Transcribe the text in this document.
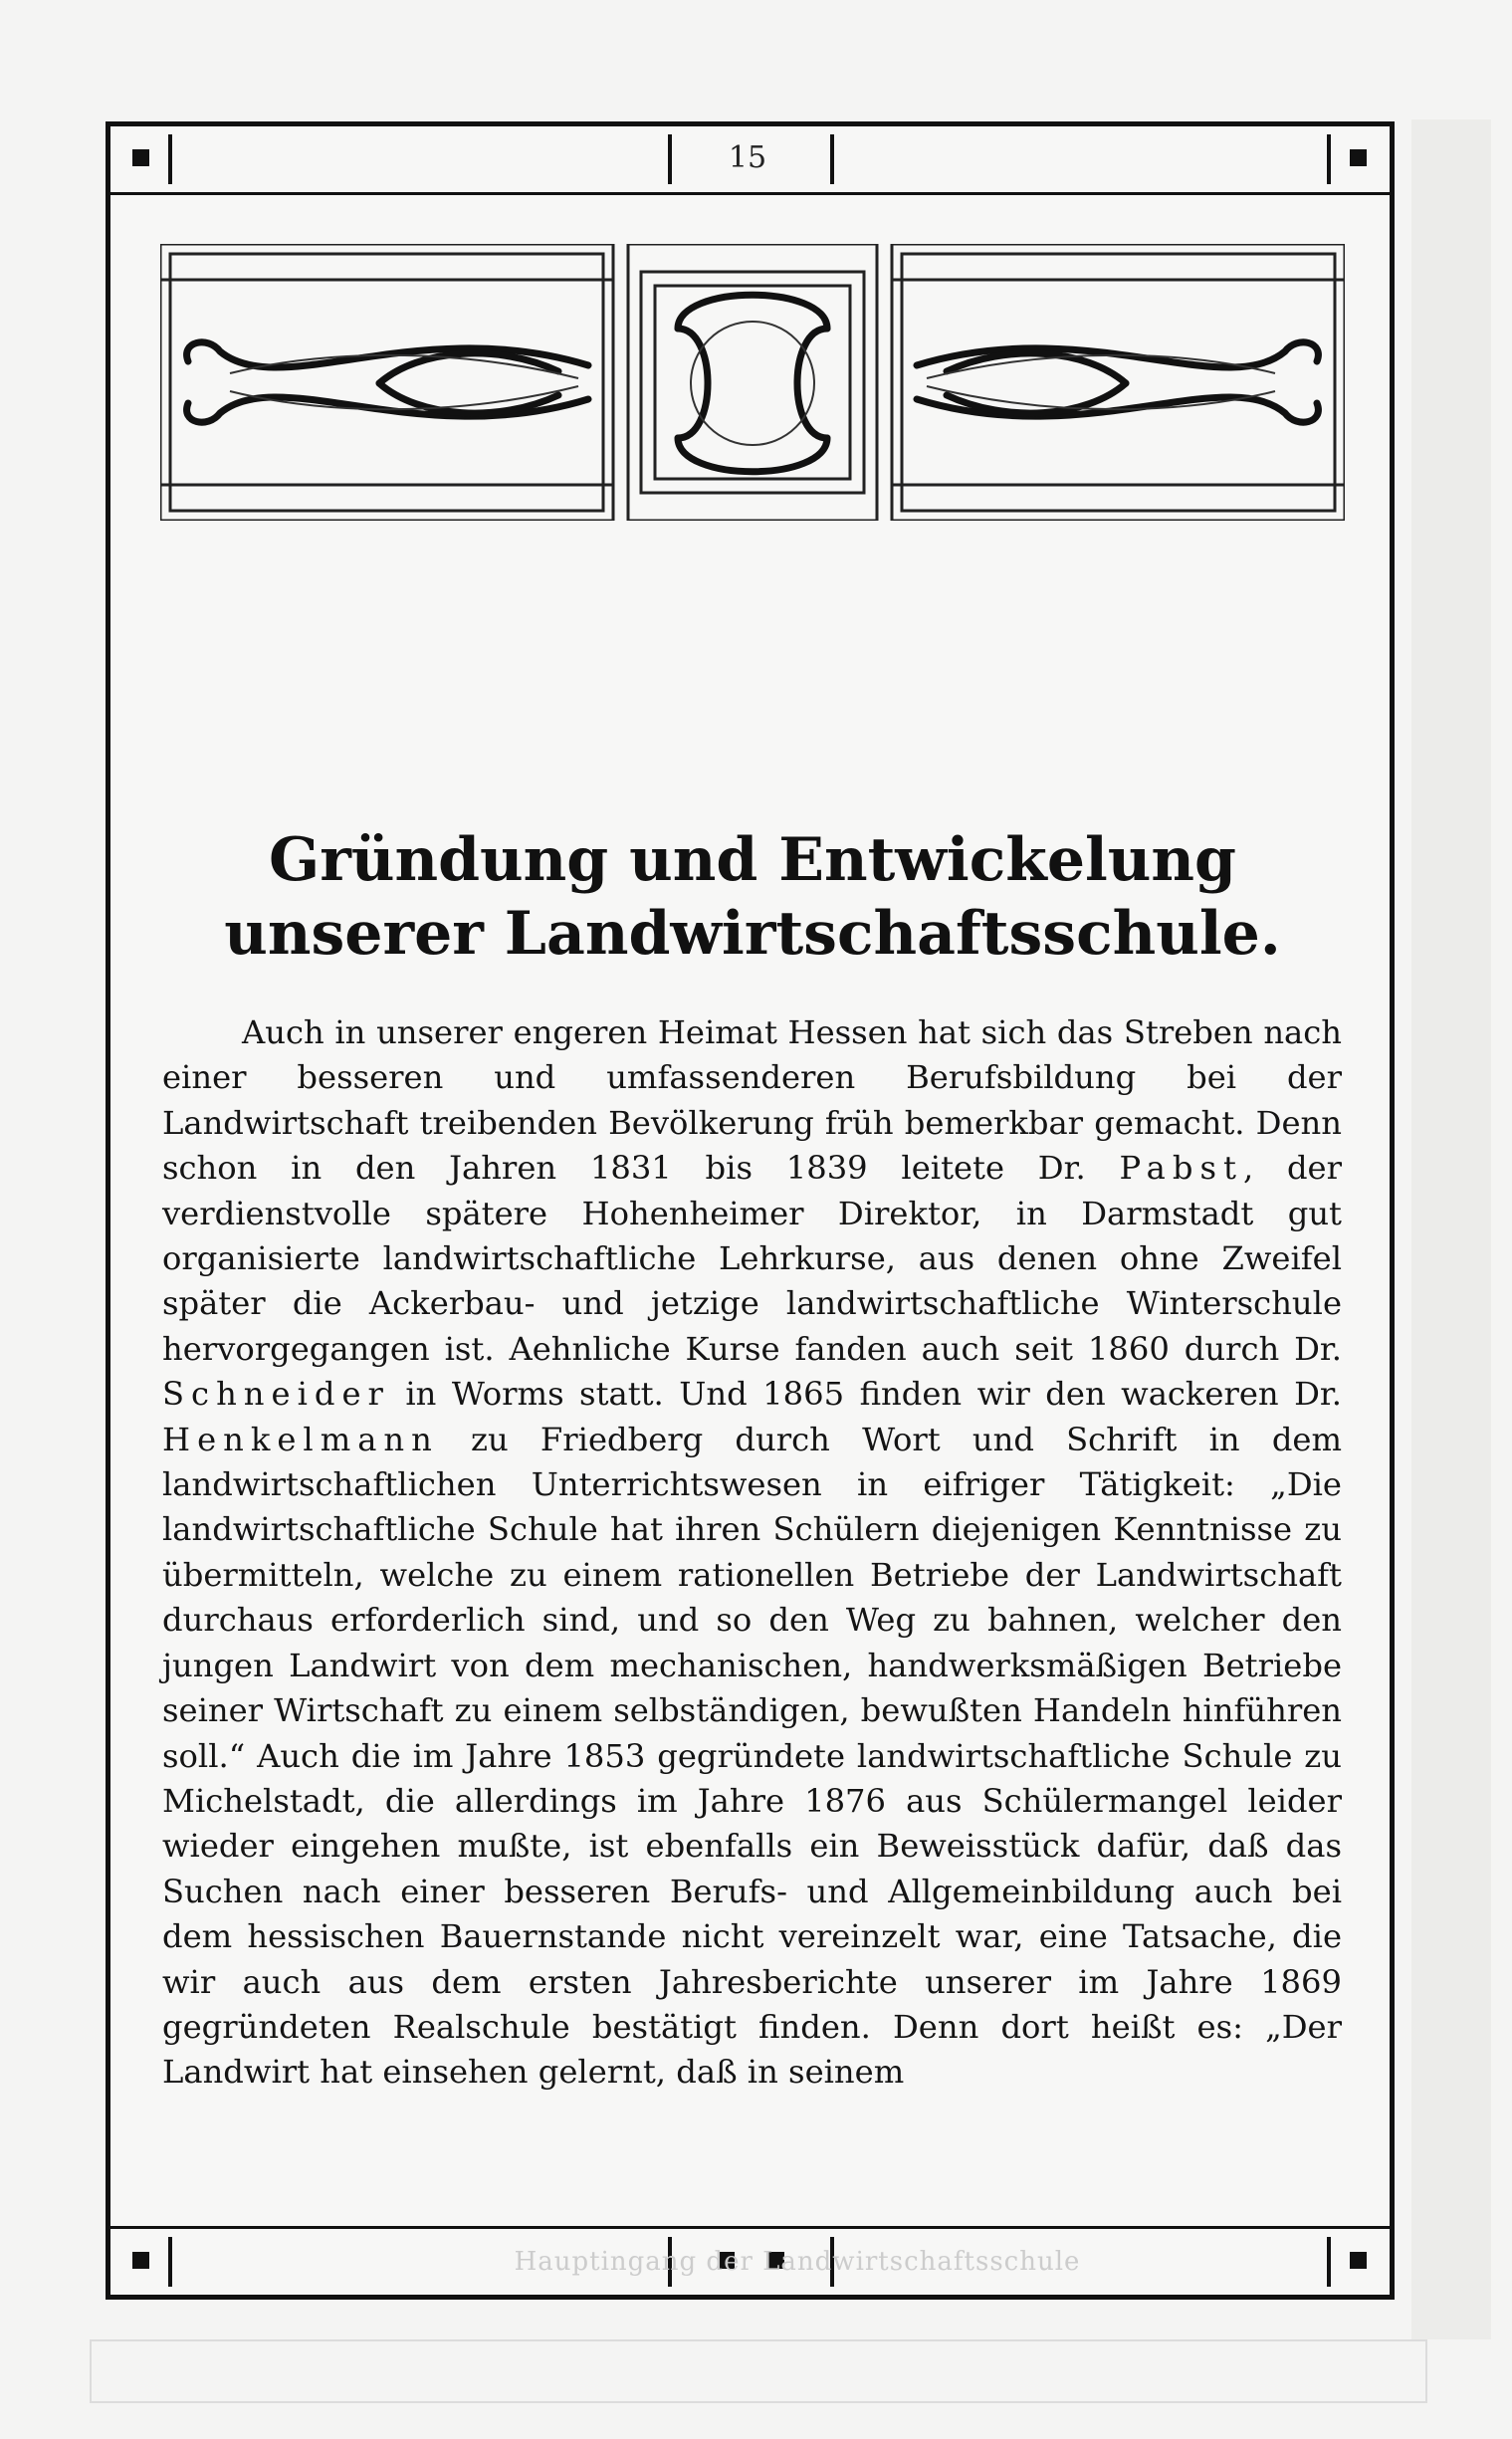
15
Gründung und Entwickelung
unserer Landwirtschaftsschule.

Auch in unserer engeren Heimat Hessen hat sich das Streben nach einer besseren und umfassenderen Berufsbildung bei der Landwirtschaft treibenden Bevölkerung früh bemerkbar gemacht. Denn schon in den Jahren 1831 bis 1839 leitete Dr. Pabst, der verdienstvolle spätere Hohenheimer Direktor, in Darmstadt gut organisierte landwirtschaftliche Lehrkurse, aus denen ohne Zweifel später die Ackerbau- und jetzige landwirtschaftliche Winterschule hervorgegangen ist. Aehnliche Kurse fanden auch seit 1860 durch Dr. Schneider in Worms statt. Und 1865 finden wir den wackeren Dr. Henkelmann zu Friedberg durch Wort und Schrift in dem landwirtschaftlichen Unterrichtswesen in eifriger Tätigkeit: „Die landwirtschaftliche Schule hat ihren Schülern diejenigen Kenntnisse zu übermitteln, welche zu einem rationellen Betriebe der Landwirtschaft durchaus erforderlich sind, und so den Weg zu bahnen, welcher den jungen Landwirt von dem mechanischen, handwerksmäßigen Betriebe seiner Wirtschaft zu einem selbständigen, bewußten Handeln hinführen soll.“ Auch die im Jahre 1853 gegründete landwirtschaftliche Schule zu Michelstadt, die allerdings im Jahre 1876 aus Schülermangel leider wieder eingehen mußte, ist ebenfalls ein Beweisstück dafür, daß das Suchen nach einer besseren Berufs- und Allgemeinbildung auch bei dem hessischen Bauernstande nicht vereinzelt war, eine Tatsache, die wir auch aus dem ersten Jahresberichte unserer im Jahre 1869 gegründeten Realschule bestätigt finden. Denn dort heißt es: „Der Landwirt hat einsehen gelernt, daß in seinem

Hauptingang der Landwirtschaftsschule
